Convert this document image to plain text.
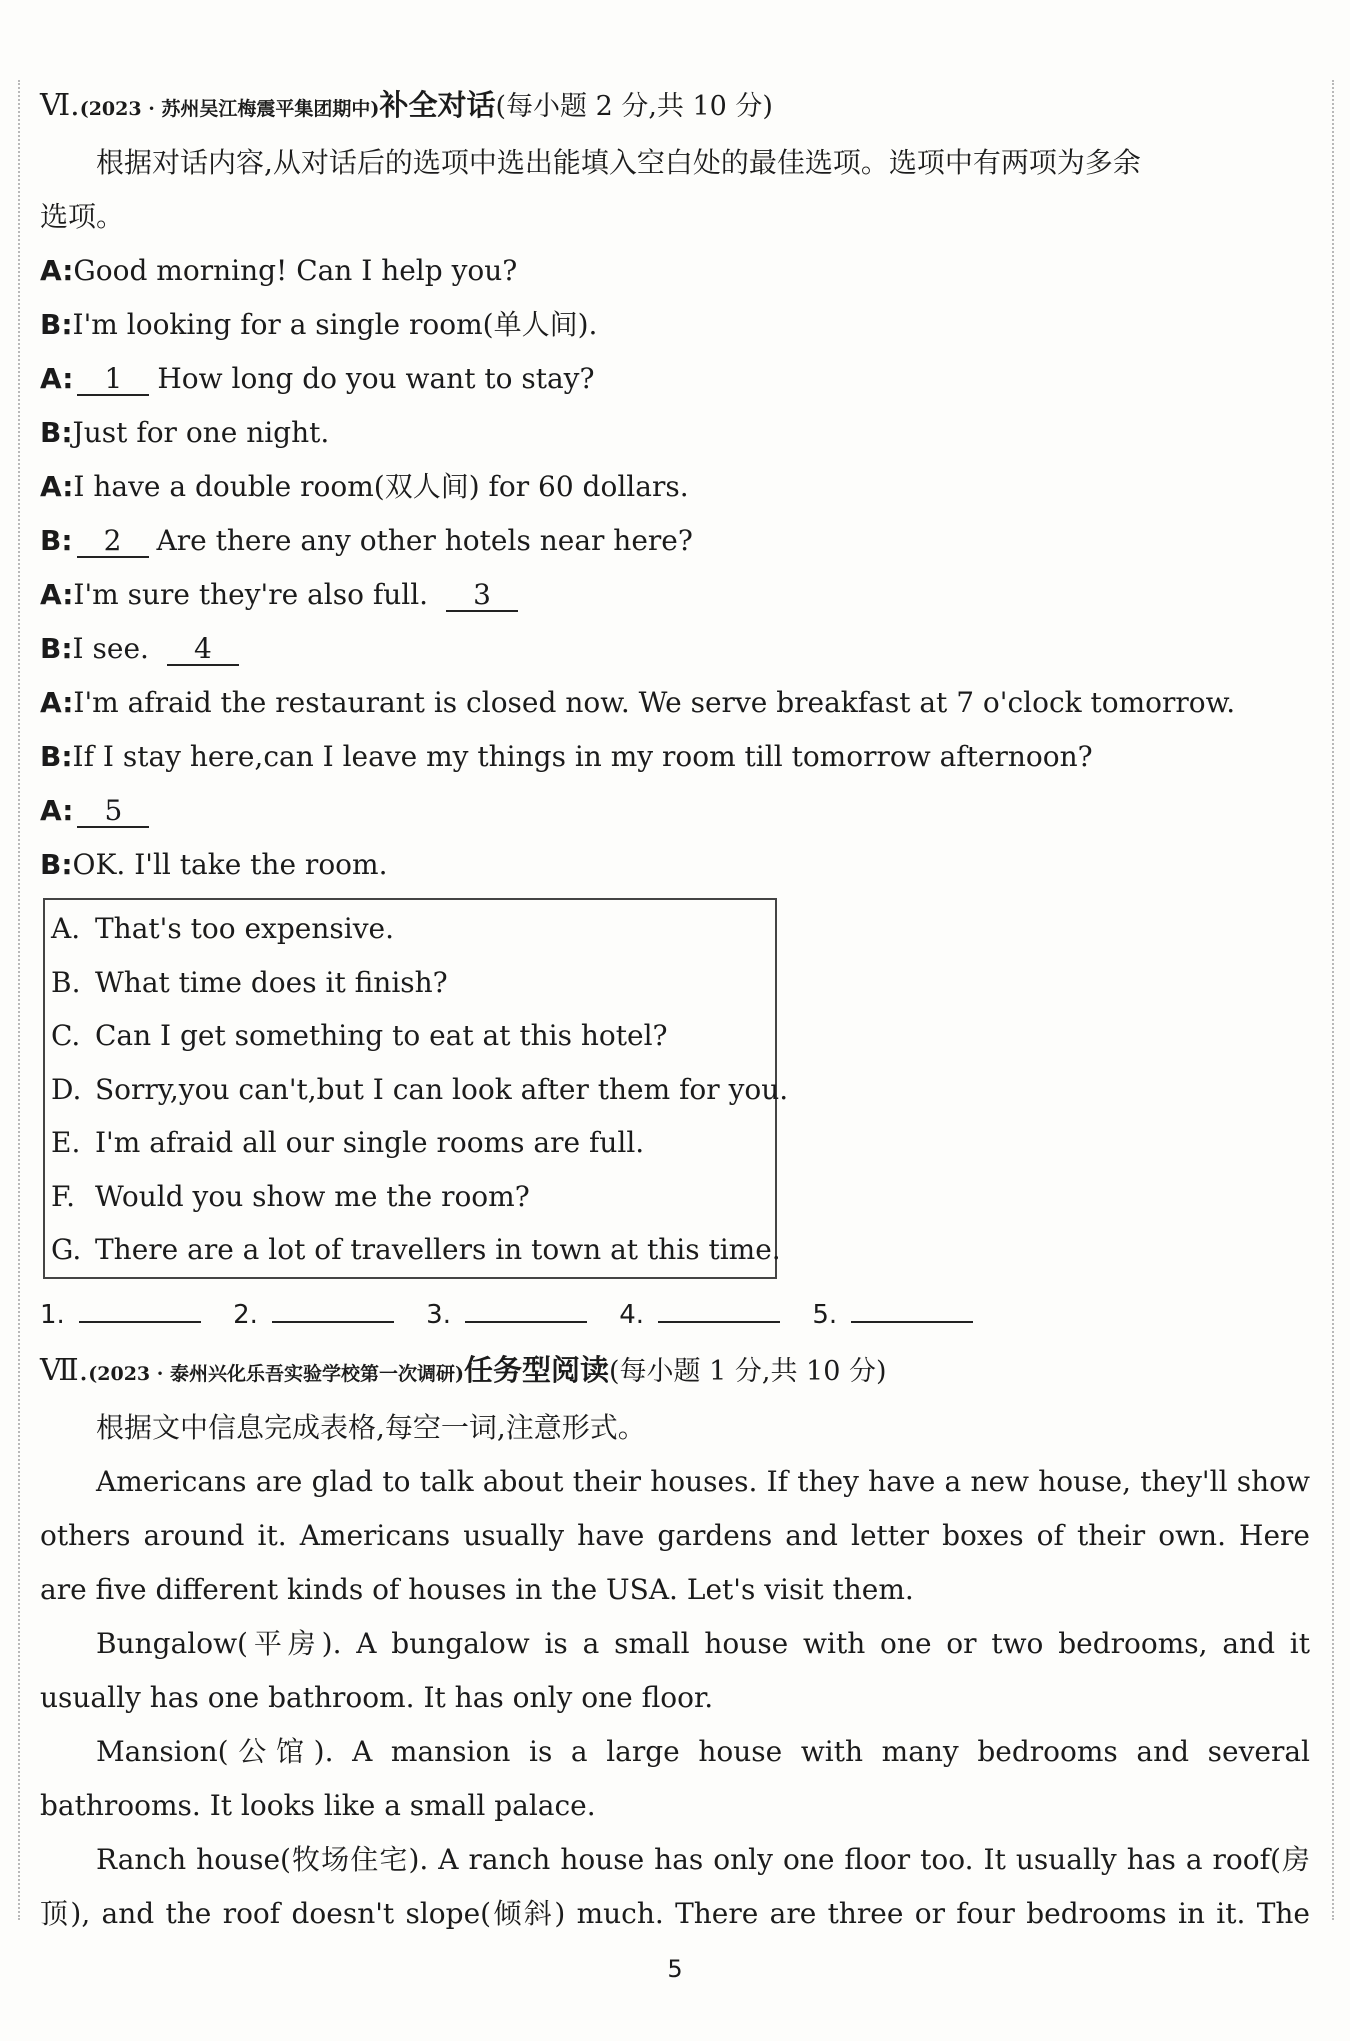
Ⅵ.(2023 · 苏州吴江梅震平集团期中)补全对话(每小题 2 分,共 10 分)
根据对话内容,从对话后的选项中选出能填入空白处的最佳选项。选项中有两项为多余
选项。
A:Good morning! Can I help you?
B:I'm looking for a single room(单人间).
A: 1 How long do you want to stay?
B:Just for one night.
A:I have a double room(双人间) for 60 dollars.
B: 2 Are there any other hotels near here?
A:I'm sure they're also full. 3
B:I see. 4
A:I'm afraid the restaurant is closed now. We serve breakfast at 7 o'clock tomorrow.
B:If I stay here,can I leave my things in my room till tomorrow afternoon?
A: 5
B:OK. I'll take the room.
A. That's too expensive.
B. What time does it finish?
C. Can I get something to eat at this hotel?
D. Sorry,you can't,but I can look after them for you.
E. I'm afraid all our single rooms are full.
F. Would you show me the room?
G. There are a lot of travellers in town at this time.
1.	2.	3.	4.	5.
Ⅶ.(2023 · 泰州兴化乐吾实验学校第一次调研)任务型阅读(每小题 1 分,共 10 分)
根据文中信息完成表格,每空一词,注意形式。
Americans are glad to talk about their houses. If they have a new house, they'll show others around it. Americans usually have gardens and letter boxes of their own. Here are five different kinds of houses in the USA. Let's visit them.
Bungalow(平房). A bungalow is a small house with one or two bedrooms, and it usually has one bathroom. It has only one floor.
Mansion(公馆). A mansion is a large house with many bedrooms and several bathrooms. It looks like a small palace.
Ranch house(牧场住宅). A ranch house has only one floor too. It usually has a roof(房顶), and the roof doesn't slope(倾斜) much. There are three or four bedrooms in it. The
5
